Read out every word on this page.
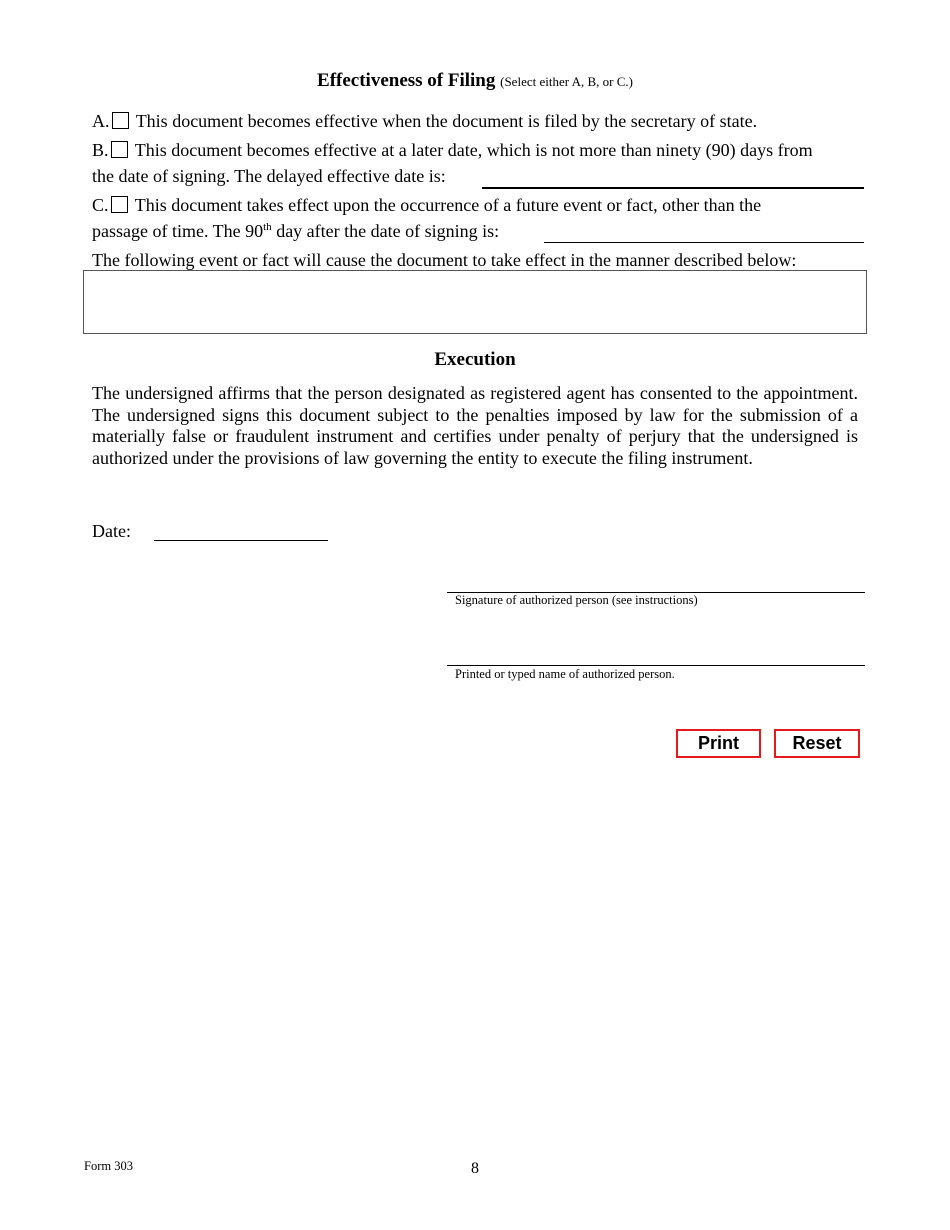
Effectiveness of Filing (Select either A, B, or C.)
A. This document becomes effective when the document is filed by the secretary of state.
B. This document becomes effective at a later date, which is not more than ninety (90) days from
the date of signing. The delayed effective date is:
C. This document takes effect upon the occurrence of a future event or fact, other than the
passage of time. The 90th day after the date of signing is:
The following event or fact will cause the document to take effect in the manner described below:
Execution
The undersigned affirms that the person designated as registered agent has consented to the appointment. The undersigned signs this document subject to the penalties imposed by law for the submission of a materially false or fraudulent instrument and certifies under penalty of perjury that the undersigned is authorized under the provisions of law governing the entity to execute the filing instrument.
Date:
Signature of authorized person (see instructions)
Printed or typed name of authorized person.
Print	Reset
Form 303	8
